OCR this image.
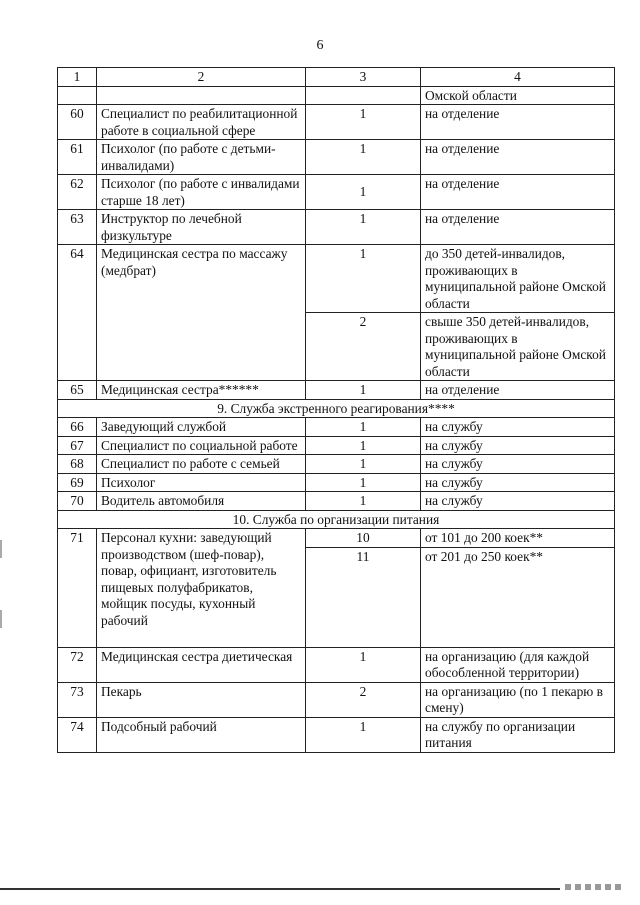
6
1	2	3	4
			Омской области
60	Специалист по реабилитационной работе в социальной сфере	1	на отделение
61	Психолог (по работе с детьми-инвалидами)	1	на отделение
62	Психолог (по работе с инвалидами старше 18 лет)	1	на отделение
63	Инструктор по лечебной физкультуре	1	на отделение
64	Медицинская сестра по массажу (медбрат)	1	до 350 детей-инвалидов, проживающих в муниципальной районе Омской области
		2	свыше 350 детей-инвалидов, проживающих в муниципальной районе Омской области
65	Медицинская сестра******	1	на отделение
9. Служба экстренного реагирования****			
66	Заведующий службой	1	на службу
67	Специалист по социальной работе	1	на службу
68	Специалист по работе с семьей	1	на службу
69	Психолог	1	на службу
70	Водитель автомобиля	1	на службу
10. Служба по организации питания			
71	Персонал кухни: заведующий производством (шеф-повар), повар, официант, изготовитель пищевых полуфабрикатов, мойщик посуды, кухонный рабочий	10	от 101 до 200 коек**
		11	от 201 до 250 коек**
72	Медицинская сестра диетическая	1	на организацию (для каждой обособленной территории)
73	Пекарь	2	на организацию (по 1 пекарю в смену)
74	Подсобный рабочий	1	на службу по организации питания
